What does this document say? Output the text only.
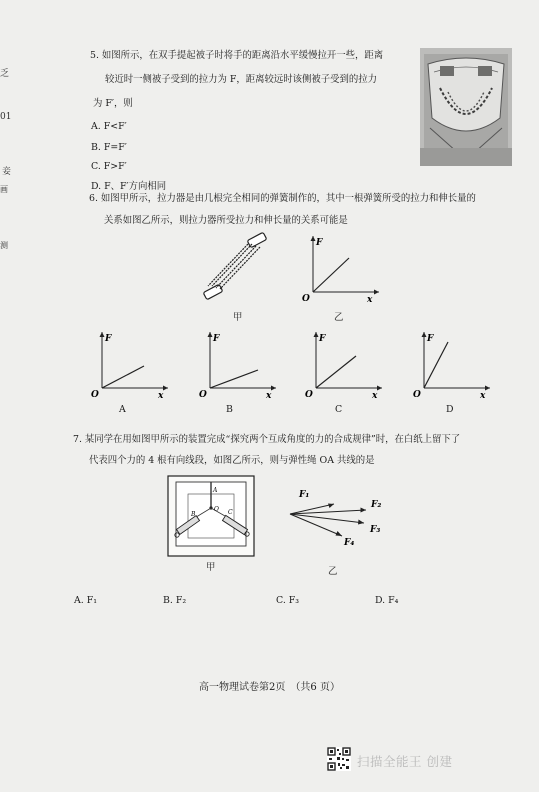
乏
01
妾
画
测
5. 如图所示，在双手提起被子时将手的距离沿水平缓慢拉开一些，距离
较近时一侧被子受到的拉力为 F，距离较远时该侧被子受到的拉力
为 F′，则
A. F<F′
B. F=F′
C. F>F′
D. F、F′方向相同
6. 如图甲所示，拉力器是由几根完全相同的弹簧制作的，其中一根弹簧所受的拉力和伸长量的
关系如图乙所示，则拉力器所受拉力和伸长量的关系可能是
甲
F
O	x
乙
F
O	x
A
F
O	x
B
F
O	x
C
F
O	x
D
7. 某同学在用如图甲所示的装置完成“探究两个互成角度的力的合成规律”时，在白纸上留下了
代表四个力的 4 根有向线段，如图乙所示，则与弹性绳 OA 共线的是
A
O
B	C
甲
F₁
F₂
F₃
F₄
乙
A. F₁	B. F₂	C. F₃	D. F₄
高一物理试卷第2页　（共6 页）
扫描全能王 创建
